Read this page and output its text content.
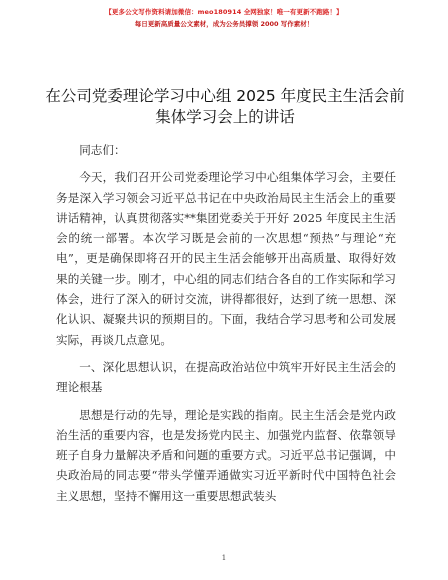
【更多公文写作资料请加微信：meo180914 全网独家！唯一有更新不跑路！】
每日更新高质量公文素材，成为公务员撑领 2000 写作素材！
在公司党委理论学习中心组 2025 年度民主生活会前集体学习会上的讲话

同志们：

今天，我们召开公司党委理论学习中心组集体学习会，主要任务是深入学习领会习近平总书记在中央政治局民主生活会上的重要讲话精神，认真贯彻落实**集团党委关于开好 2025 年度民主生活会的统一部署。本次学习既是会前的一次思想“预热”与理论“充电”，更是确保即将召开的民主生活会能够开出高质量、取得好效果的关键一步。刚才，中心组的同志们结合各自的工作实际和学习体会，进行了深入的研讨交流，讲得都很好，达到了统一思想、深化认识、凝聚共识的预期目的。下面，我结合学习思考和公司发展实际，再谈几点意见。

一、深化思想认识，在提高政治站位中筑牢开好民主生活会的理论根基

思想是行动的先导，理论是实践的指南。民主生活会是党内政治生活的重要内容，也是发扬党内民主、加强党内监督、依靠领导班子自身力量解决矛盾和问题的重要方式。习近平总书记强调，中央政治局的同志要“带头学懂弄通做实习近平新时代中国特色社会主义思想，坚持不懈用这一重要思想武装头

1
